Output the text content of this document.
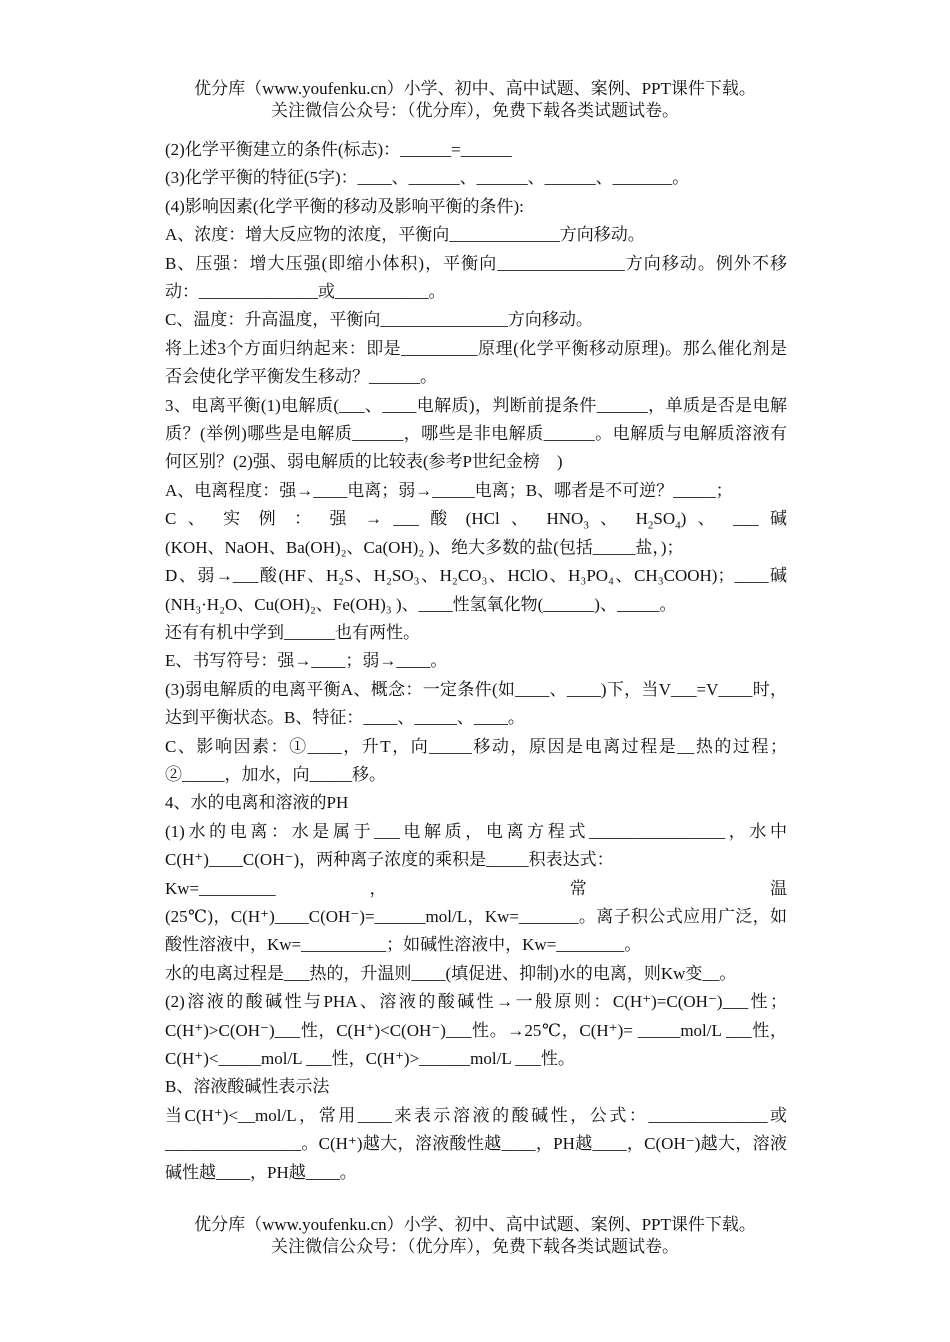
优分库（www.youfenku.cn）小学、初中、高中试题、案例、PPT课件下载。
关注微信公众号：（优分库），免费下载各类试题试卷。

(2)化学平衡建立的条件(标志)：______=______

(3)化学平衡的特征(5字)：____、______、______、______、_______。

(4)影响因素(化学平衡的移动及影响平衡的条件):

A、浓度：增大反应物的浓度，平衡向_____________方向移动。

B、压强：增大压强(即缩小体积)，平衡向_______________方向移动。例外不移动：______________或___________。

C、温度：升高温度，平衡向_______________方向移动。

将上述3个方面归纳起来：即是_________原理(化学平衡移动原理)。那么催化剂是否会使化学平衡发生移动？______。

3、电离平衡(1)电解质(___、____电解质)，判断前提条件______，单质是否是电解质？(举例)哪些是电解质______，哪些是非电解质______。电解质与电解质溶液有何区别？(2)强、弱电解质的比较表(参考P世纪金榜　)

A、电离程度：强→____电离；弱→_____电离；B、哪者是不可逆？_____；

C 、 实 例 ： 强 → ___ 酸 (HCl 、 $HNO_3$ 、 $H_2SO_4$) 、 ___ 碱

(KOH、NaOH、Ba(OH)₂、Ca(OH)₂ )、绝大多数的盐(包括_____盐，)；

D、弱→___酸(HF、H₂S、H₂SO₃、H₂CO₃、HClO、H₃PO₄、CH₃COOH)；____碱(NH₃·H₂O、Cu(OH)₂、Fe(OH)₃ )、____性氢氧化物(______)、_____。

还有有机中学到______也有两性。

E、书写符号：强→____；弱→____。

(3)弱电解质的电离平衡A、概念：一定条件(如____、____)下，当V___=V____时，达到平衡状态。B、特征：____、_____、____。

C、影响因素：①____，升T，向_____移动，原因是电离过程是__热的过程；②_____，加水，向_____移。

4、水的电离和溶液的PH

(1)水的电离：水是属于___电解质，电离方程式________________，水中C(H⁺)____C(OH⁻)，两种离子浓度的乘积是_____积表达式：

Kw=_________	，	常	温

(25℃)，C(H⁺)____C(OH⁻)=______mol/L，Kw=_______。离子积公式应用广泛，如酸性溶液中，Kw=__________；如碱性溶液中，Kw=________。

水的电离过程是___热的，升温则____(填促进、抑制)水的电离，则Kw变__。

(2)溶液的酸碱性与PHA、溶液的酸碱性→一般原则：C(H⁺)=C(OH⁻)___性；C(H⁺)>C(OH⁻)___性，C(H⁺)<C(OH⁻)___性。→25℃，C(H⁺)= _____mol/L ___性，C(H⁺)<_____mol/L ___性，C(H⁺)>______mol/L ___性。

B、溶液酸碱性表示法

当C(H⁺)<__mol/L，常用____来表示溶液的酸碱性，公式：______________或________________。C(H⁺)越大，溶液酸性越____，PH越____，C(OH⁻)越大，溶液碱性越____，PH越____。

优分库（www.youfenku.cn）小学、初中、高中试题、案例、PPT课件下载。
关注微信公众号：（优分库），免费下载各类试题试卷。
